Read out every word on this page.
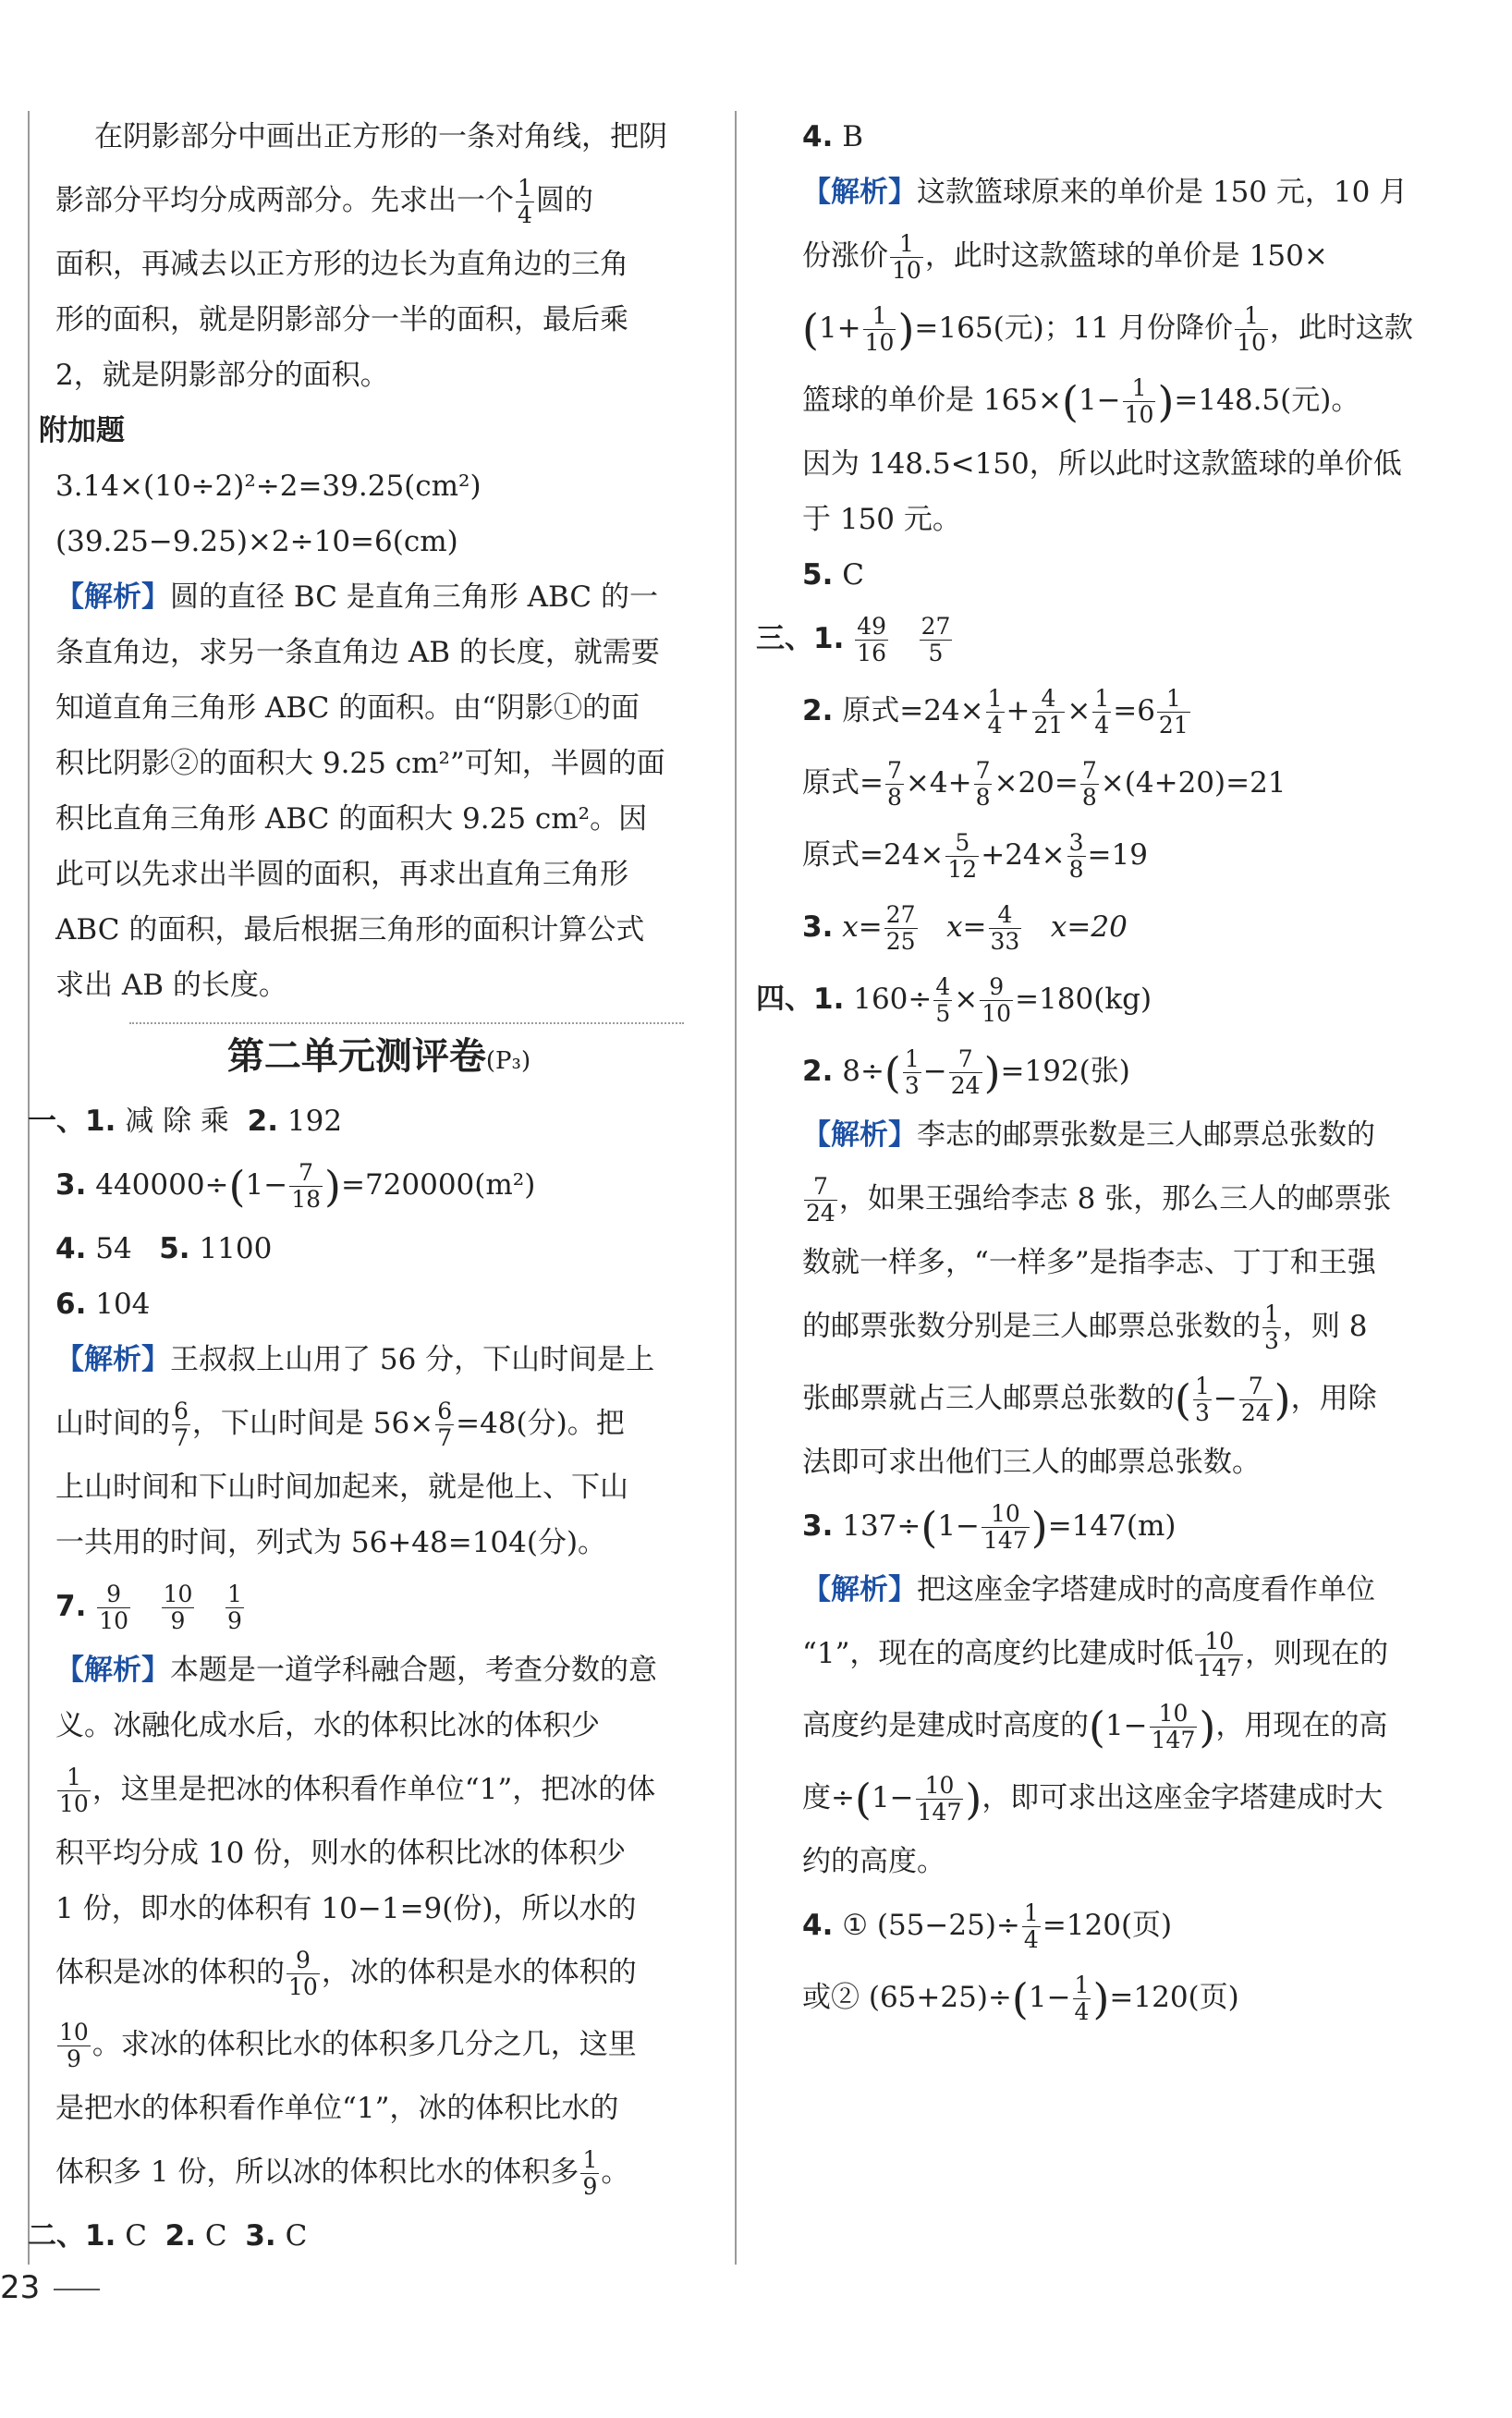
在阴影部分中画出正方形的一条对角线，把阴
影部分平均分成两部分。先求出一个 $\frac{1}{4}$ 圆的
面积，再减去以正方形的边长为直角边的三角
形的面积，就是阴影部分一半的面积，最后乘
2，就是阴影部分的面积。
附加题
3.14×(10÷2)²÷2=39.25(cm²)
(39.25−9.25)×2÷10=6(cm)
【解析】圆的直径 BC 是直角三角形 ABC 的一
条直角边，求另一条直角边 AB 的长度，就需要
知道直角三角形 ABC 的面积。由“阴影①的面
积比阴影②的面积大 9.25 cm²”可知，半圆的面
积比直角三角形 ABC 的面积大 9.25 cm²。因
此可以先求出半圆的面积，再求出直角三角形
ABC 的面积，最后根据三角形的面积计算公式
求出 AB 的长度。
第二单元测评卷(P₃)
一、1. 减 除 乘 2. 192
3. $440000\div(1- \frac{7}{18} )=720000(m^2)$
4. 54 5. 1100
6. 104
【解析】王叔叔上山用了 56 分，下山时间是上
山时间的 $\frac{6}{7}$ ，下山时间是 $56\times \frac{6}{7} =48$(分)。把
上山时间和下山时间加起来，就是他上、下山
一共用的时间，列式为 56+48=104(分)。
7. $\frac{9}{10}$
$\frac{10}{9}$
$\frac{1}{9}$
【解析】本题是一道学科融合题，考查分数的意
义。冰融化成水后，水的体积比冰的体积少
$\frac{1}{10}$ ，这里是把冰的体积看作单位“1”，把冰的体
积平均分成 10 份，则水的体积比冰的体积少
1 份，即水的体积有 10−1=9(份)，所以水的
体积是冰的体积的 $\frac{9}{10}$ ，冰的体积是水的体积的
$\frac{10}{9}$ 。求冰的体积比水的体积多几分之几，这里
是把水的体积看作单位“1”，冰的体积比水的
体积多 1 份，所以冰的体积比水的体积多 $\frac{1}{9}$ 。
二、1. C 2. C 3. C
4. B
【解析】这款篮球原来的单价是 150 元，10 月
份涨价 $\frac{1}{10}$ ，此时这款篮球的单价是 150×
$(1+ \frac{1}{10} )=165$(元)；11 月份降价 $\frac{1}{10}$ ，此时这款
篮球的单价是 $165\times(1- \frac{1}{10} )=148.5$(元)。
因为 148.5<150，所以此时这款篮球的单价低
于 150 元。
5. C
三、1. $\frac{49}{16}$
$\frac{27}{5}$
2. 原式$=24\times \frac{1}{4} + \frac{4}{21} \times \frac{1}{4} =6 \frac{1}{21}$
原式= $\frac{7}{8} \times 4+ \frac{7}{8} \times 20= \frac{7}{8} \times(4+20)=21$
原式$=24\times \frac{5}{12} +24\times \frac{3}{8} =19$
3. $x= \frac{27}{25} x= \frac{4}{33} x=20$
四、1. $160\div \frac{4}{5} \times \frac{9}{10} =180(kg)$
2. $8\div( \frac{1}{3} - \frac{7}{24} )=192$(张)
【解析】李志的邮票张数是三人邮票总张数的
$\frac{7}{24}$ ，如果王强给李志 8 张，那么三人的邮票张
数就一样多，“一样多”是指李志、丁丁和王强
的邮票张数分别是三人邮票总张数的 $\frac{1}{3}$ ，则 8
张邮票就占三人邮票总张数的( $\frac{1}{3} - \frac{7}{24}$ )，用除
法即可求出他们三人的邮票总张数。
3. $137\div(1- \frac{10}{147} )=147(m)$
【解析】把这座金字塔建成时的高度看作单位
“1”，现在的高度约比建成时低 $\frac{10}{147}$ ，则现在的
高度约是建成时高度的($1- \frac{10}{147}$ )，用现在的高
度$\div(1- \frac{10}{147}$ )，即可求出这座金字塔建成时大
约的高度。
4. ① $(55-25)\div \frac{1}{4} =120$(页)
或② $(65+25)\div(1- \frac{1}{4} )=120$(页)
23
